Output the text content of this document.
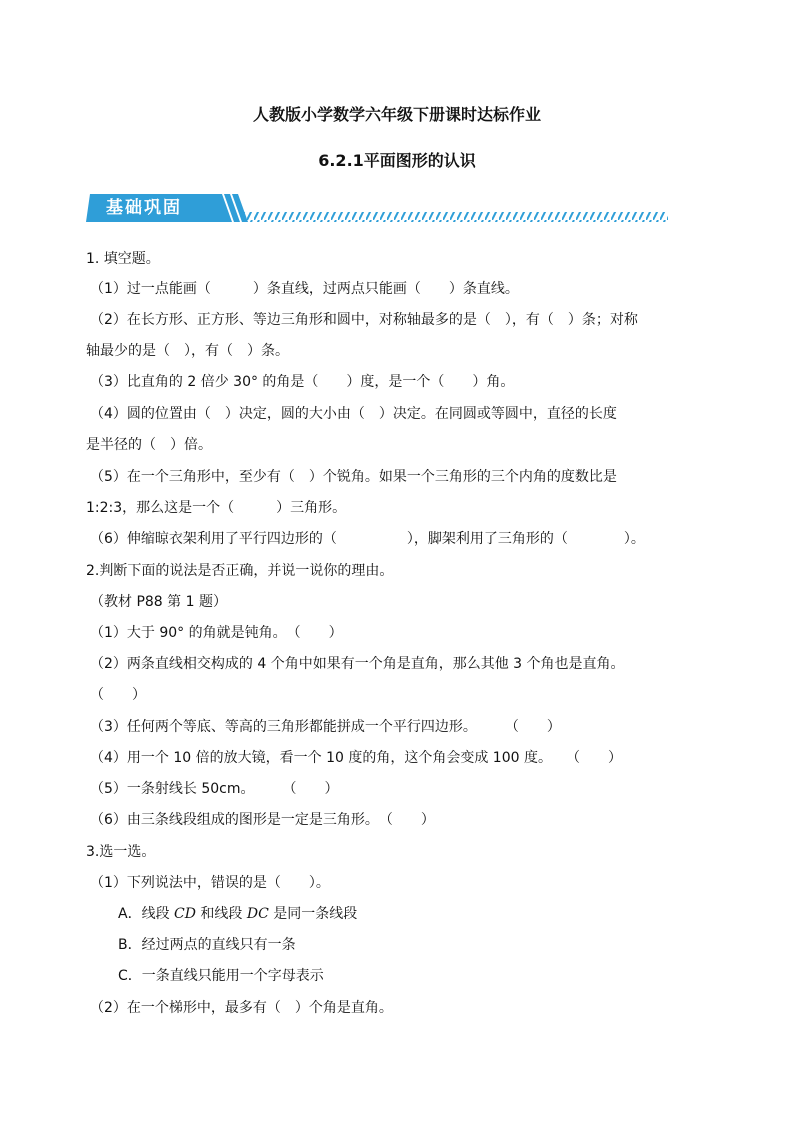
人教版小学数学六年级下册课时达标作业
6.2.1平面图形的认识
基础巩固
1. 填空题。
（1）过一点能画（　　　）条直线，过两点只能画（　　）条直线。
（2）在长方形、正方形、等边三角形和圆中，对称轴最多的是（　），有（　）条；对称
轴最少的是（　），有（　）条。
（3）比直角的 2 倍少 30° 的角是（　　）度，是一个（　　）角。
（4）圆的位置由（　）决定，圆的大小由（　）决定。在同圆或等圆中，直径的长度
是半径的（　）倍。
（5）在一个三角形中，至少有（　）个锐角。如果一个三角形的三个内角的度数比是
1:2:3，那么这是一个（　　　）三角形。
（6）伸缩晾衣架利用了平行四边形的（　　　　　），脚架利用了三角形的（　　　　）。
2.判断下面的说法是否正确，并说一说你的理由。
（教材 P88 第 1 题）
（1）大于 90° 的角就是钝角。　（　　）
（2）两条直线相交构成的 4 个角中如果有一个角是直角，那么其他 3 个角也是直角。
（　　）
（3）任何两个等底、等高的三角形都能拼成一个平行四边形。　　　（　　）
（4）用一个 10 倍的放大镜，看一个 10 度的角，这个角会变成 100 度。　　（　　）
（5）一条射线长 50cm。　　　（　　）
（6）由三条线段组成的图形是一定是三角形。　（　　）
3.选一选。
（1）下列说法中，错误的是（　　）。
A．线段 CD 和线段 DC 是同一条线段
B．经过两点的直线只有一条
C．一条直线只能用一个字母表示
（2）在一个梯形中，最多有（　）个角是直角。
